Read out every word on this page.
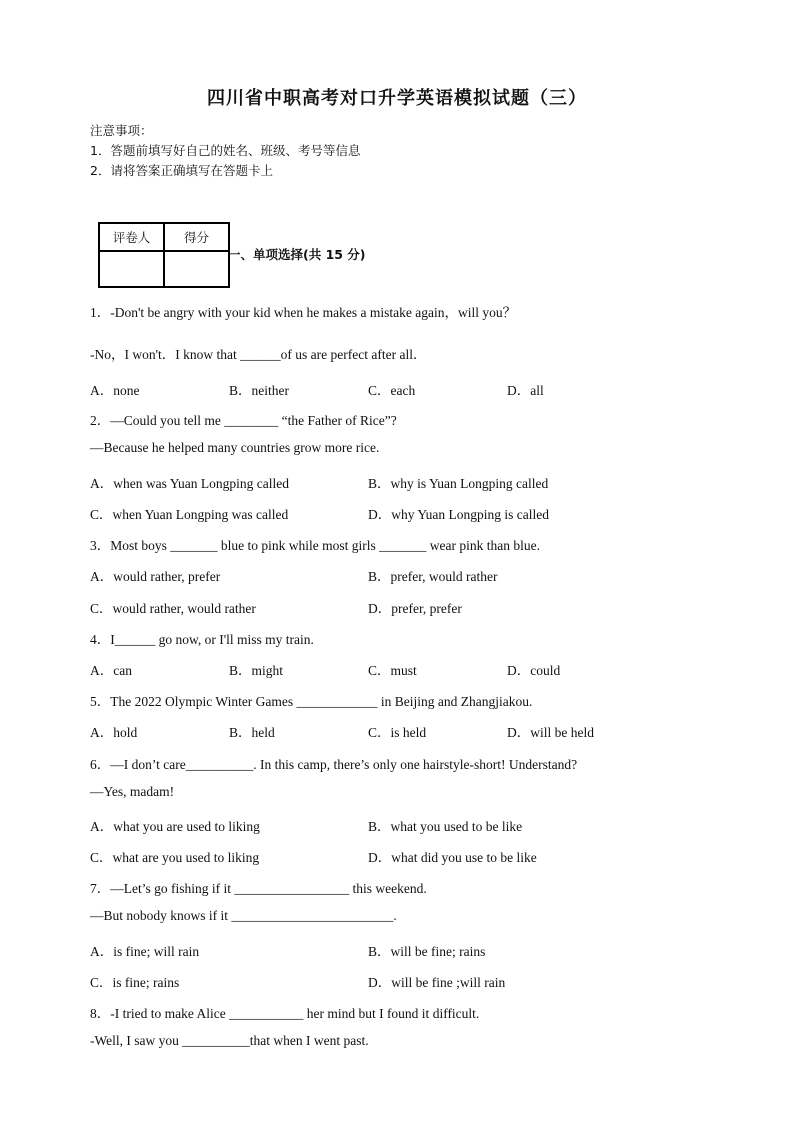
四川省中职高考对口升学英语模拟试题（三）
注意事项：
1．答题前填写好自己的姓名、班级、考号等信息
2．请将答案正确填写在答题卡上
评卷人	得分

一、单项选择(共 15 分)
1．-Don't be angry with your kid when he makes a mistake again，will you？
-No，I won't．I know that ______of us are perfect after all．
A．none	B．neither	C．each	D．all
2．—Could you tell me ________ “the Father of Rice”?
—Because he helped many countries grow more rice.
A．when was Yuan Longping called	B．why is Yuan Longping called
C．when Yuan Longping was called	D．why Yuan Longping is called
3．Most boys _______ blue to pink while most girls _______ wear pink than blue.
A．would rather, prefer	B．prefer, would rather
C．would rather, would rather	D．prefer, prefer
4．I______ go now, or I'll miss my train.
A．can	B．might	C．must	D．could
5．The 2022 Olympic Winter Games ____________ in Beijing and Zhangjiakou.
A．hold	B．held	C．is held	D．will be held
6．—I don’t care__________. In this camp, there’s only one hairstyle-short! Understand?
—Yes, madam!
A．what you are used to liking	B．what you used to be like
C．what are you used to liking	D．what did you use to be like
7．—Let’s go fishing if it _________________ this weekend.
—But nobody knows if it ________________________.
A．is fine; will rain	B．will be fine; rains
C．is fine; rains	D．will be fine ;will rain
8．-I tried to make Alice ___________ her mind but I found it difficult.
-Well, I saw you __________that when I went past.
